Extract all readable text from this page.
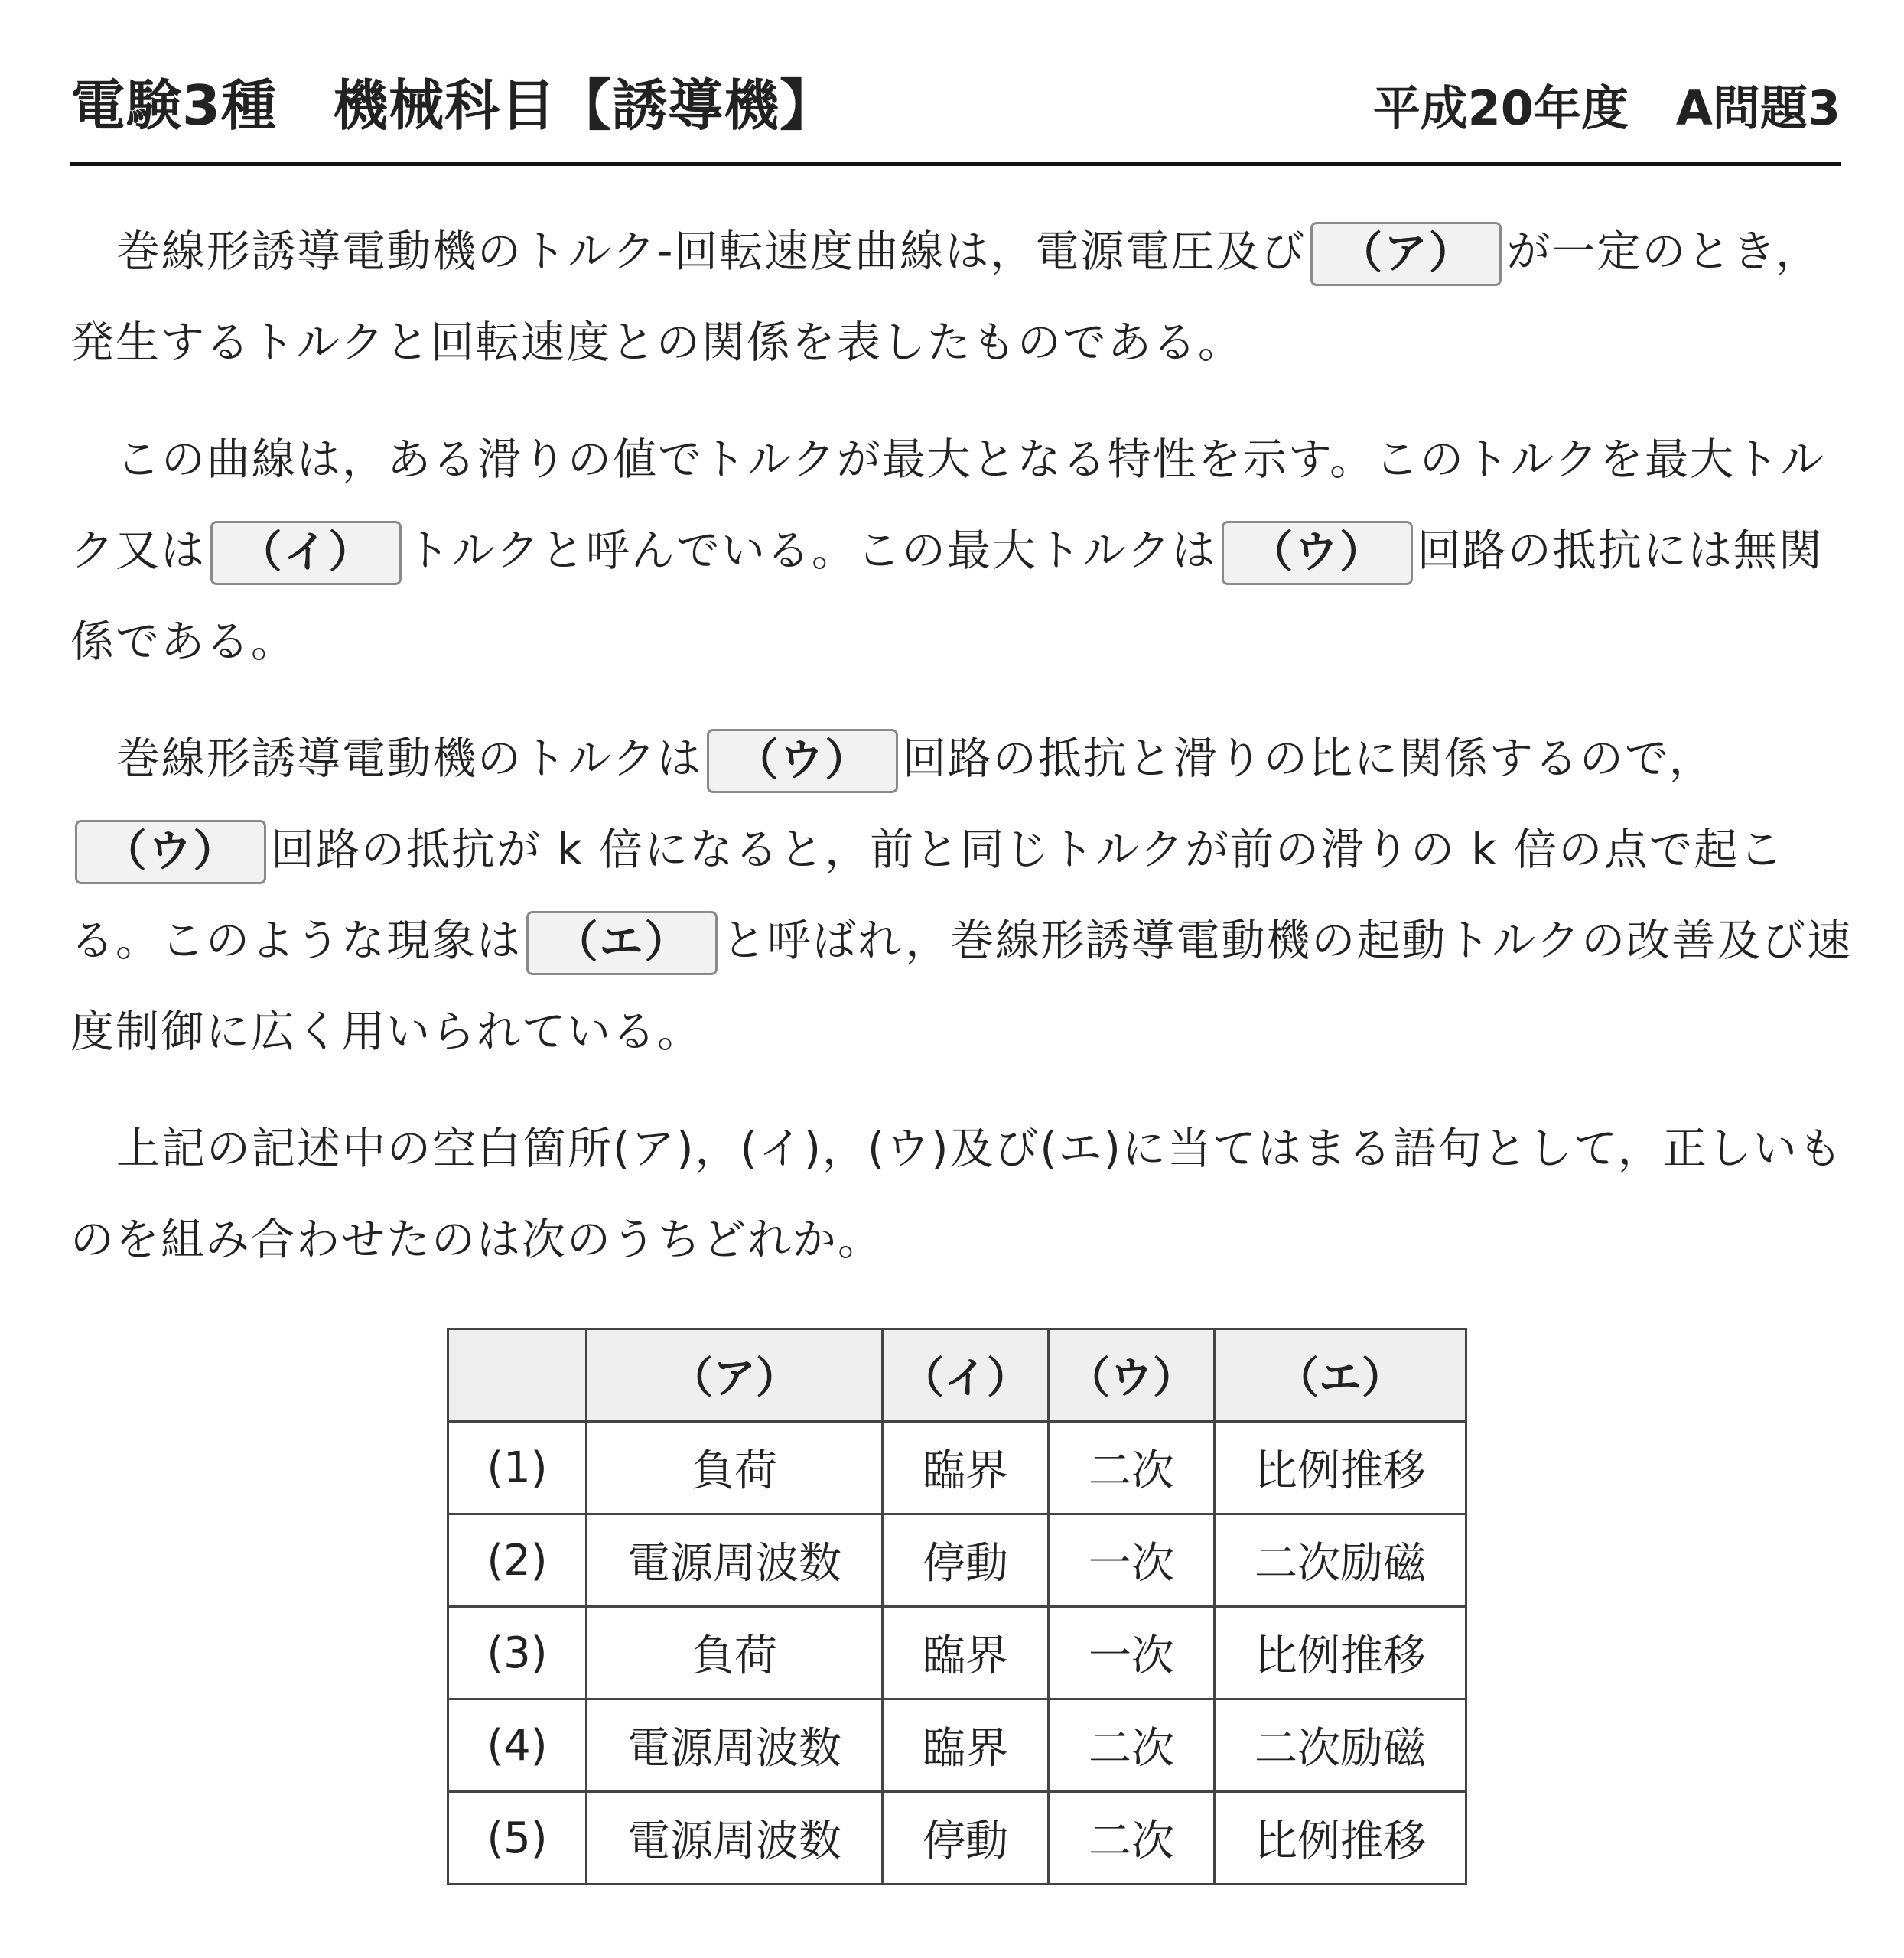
電験3種　機械科目【誘導機】	平成20年度　A問題3

巻線形誘導電動機のトルク-回転速度曲線は，電源電圧及び （ア） が一定のとき，発生するトルクと回転速度との関係を表したものである。

この曲線は，ある滑りの値でトルクが最大となる特性を示す。このトルクを最大トルク又は （イ） トルクと呼んでいる。この最大トルクは （ウ） 回路の抵抗には無関係である。

巻線形誘導電動機のトルクは （ウ） 回路の抵抗と滑りの比に関係するので，（ウ） 回路の抵抗が k 倍になると，前と同じトルクが前の滑りの k 倍の点で起こる。このような現象は （エ） と呼ばれ，巻線形誘導電動機の起動トルクの改善及び速度制御に広く用いられている。

上記の記述中の空白箇所(ア)，(イ)，(ウ)及び(エ)に当てはまる語句として，正しいものを組み合わせたのは次のうちどれか。

	（ア）	（イ）	（ウ）	（エ）
(1)	負荷	臨界	二次	比例推移
(2)	電源周波数	停動	一次	二次励磁
(3)	負荷	臨界	一次	比例推移
(4)	電源周波数	臨界	二次	二次励磁
(5)	電源周波数	停動	二次	比例推移
